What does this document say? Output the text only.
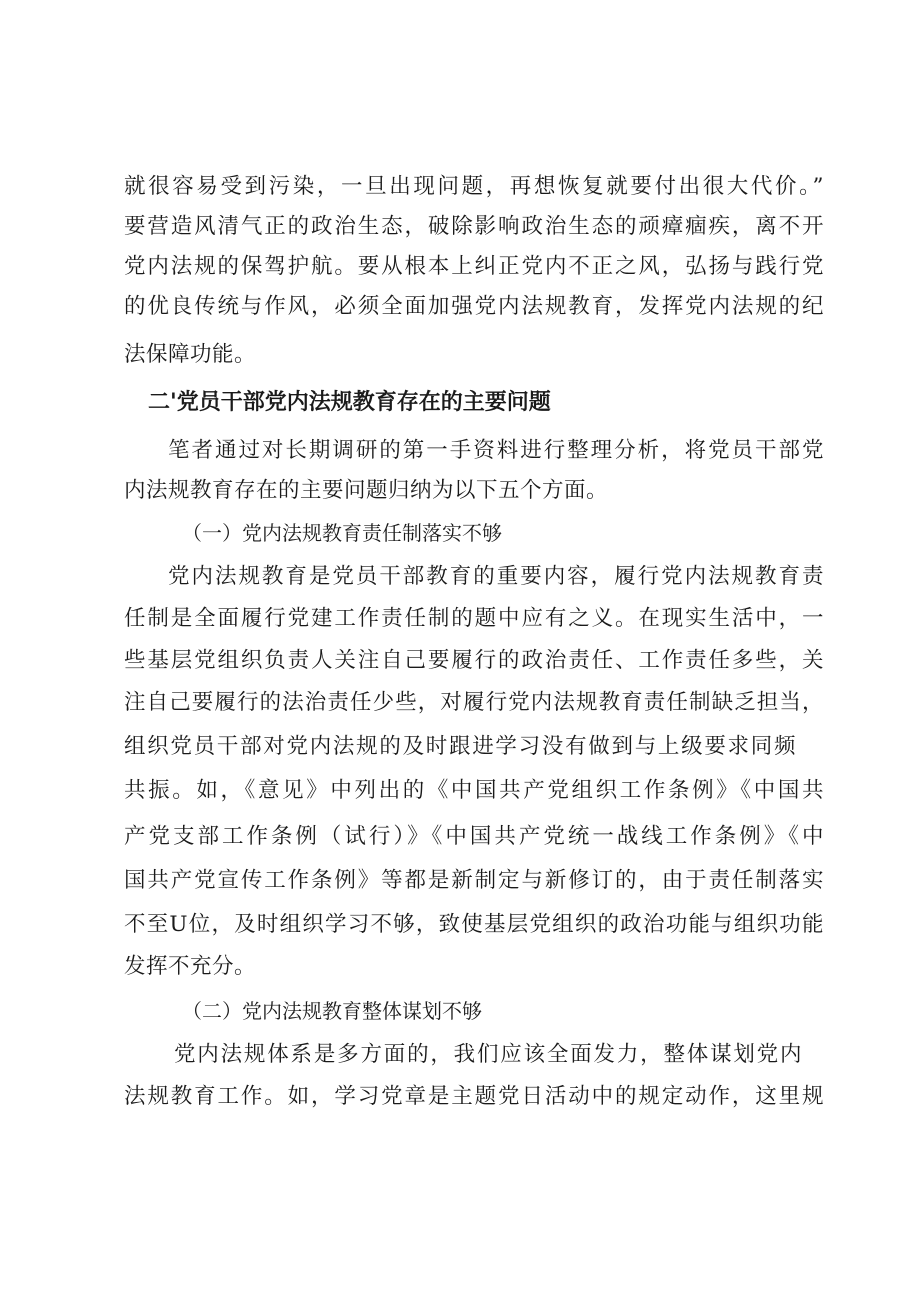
就很容易受到污染，一旦出现问题，再想恢复就要付出很大代价。”
要营造风清气正的政治生态，破除影响政治生态的顽瘴痼疾，离不开
党内法规的保驾护航。要从根本上纠正党内不正之风，弘扬与践行党
的优良传统与作风，必须全面加强党内法规教育，发挥党内法规的纪
法保障功能。
二'党员干部党内法规教育存在的主要问题
笔者通过对长期调研的第一手资料进行整理分析，将党员干部党
内法规教育存在的主要问题归纳为以下五个方面。
（一）党内法规教育责任制落实不够
党内法规教育是党员干部教育的重要内容，履行党内法规教育责
任制是全面履行党建工作责任制的题中应有之义。在现实生活中，一
些基层党组织负责人关注自己要履行的政治责任、工作责任多些，关
注自己要履行的法治责任少些，对履行党内法规教育责任制缺乏担当，
组织党员干部对党内法规的及时跟进学习没有做到与上级要求同频
共振。如，《意见》中列出的《中国共产党组织工作条例》《中国共
产党支部工作条例（试行）》《中国共产党统一战线工作条例》《中
国共产党宣传工作条例》等都是新制定与新修订的，由于责任制落实
不至U位，及时组织学习不够，致使基层党组织的政治功能与组织功能
发挥不充分。
（二）党内法规教育整体谋划不够
党内法规体系是多方面的，我们应该全面发力，整体谋划党内
法规教育工作。如，学习党章是主题党日活动中的规定动作，这里规
